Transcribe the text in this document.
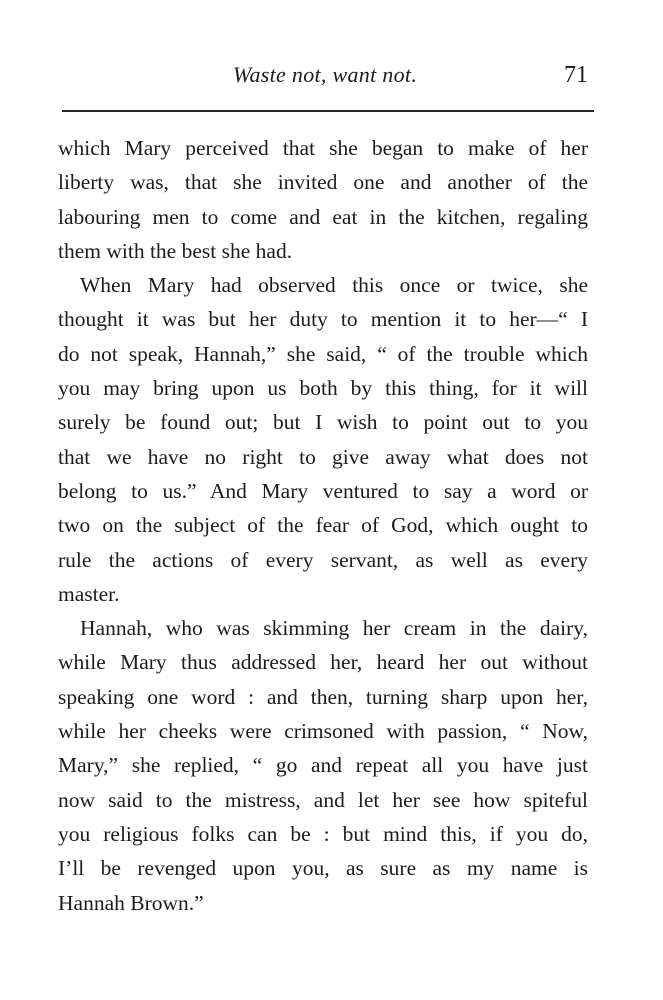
Waste not, want not.	71
which Mary perceived that she began to make of her
liberty was, that she invited one and another of the
labouring men to come and eat in the kitchen, regaling
them with the best she had.
When Mary had observed this once or twice, she
thought it was but her duty to mention it to her—“ I
do not speak, Hannah,” she said, “ of the trouble which
you may bring upon us both by this thing, for it will
surely be found out; but I wish to point out to you
that we have no right to give away what does not
belong to us.” And Mary ventured to say a word or
two on the subject of the fear of God, which ought to
rule the actions of every servant, as well as every
master.
Hannah, who was skimming her cream in the dairy,
while Mary thus addressed her, heard her out without
speaking one word : and then, turning sharp upon her,
while her cheeks were crimsoned with passion, “ Now,
Mary,” she replied, “ go and repeat all you have just
now said to the mistress, and let her see how spiteful
you religious folks can be : but mind this, if you do,
I’ll be revenged upon you, as sure as my name is
Hannah Brown.”
